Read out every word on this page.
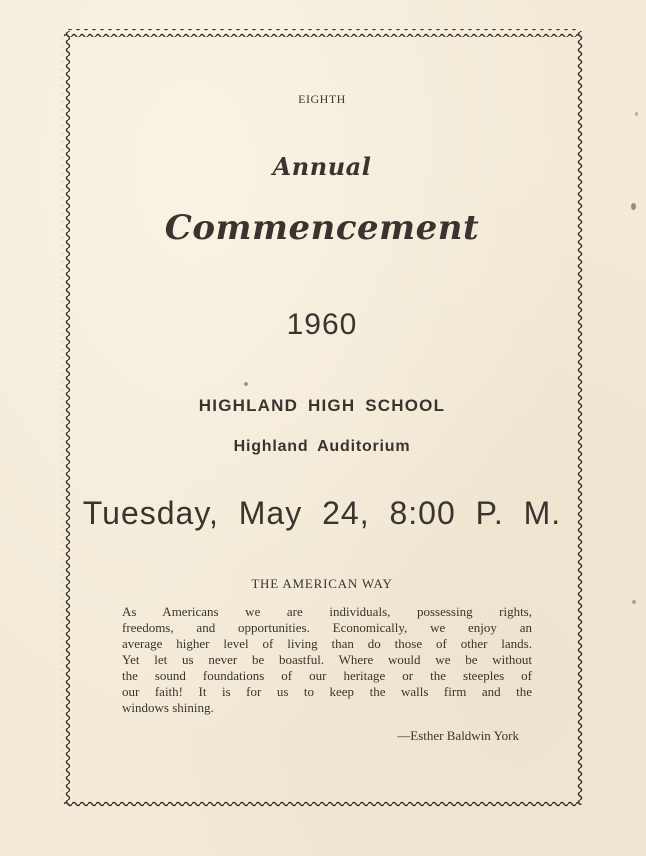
EIGHTH
Annual
Commencement
1960
HIGHLAND HIGH SCHOOL
Highland Auditorium
Tuesday, May 24, 8:00 P. M.
THE AMERICAN WAY
As Americans we are individuals, possessing rights,
freedoms, and opportunities. Economically, we enjoy an
average higher level of living than do those of other lands.
Yet let us never be boastful. Where would we be without
the sound foundations of our heritage or the steeples of
our faith! It is for us to keep the walls firm and the
windows shining.
—Esther Baldwin York
